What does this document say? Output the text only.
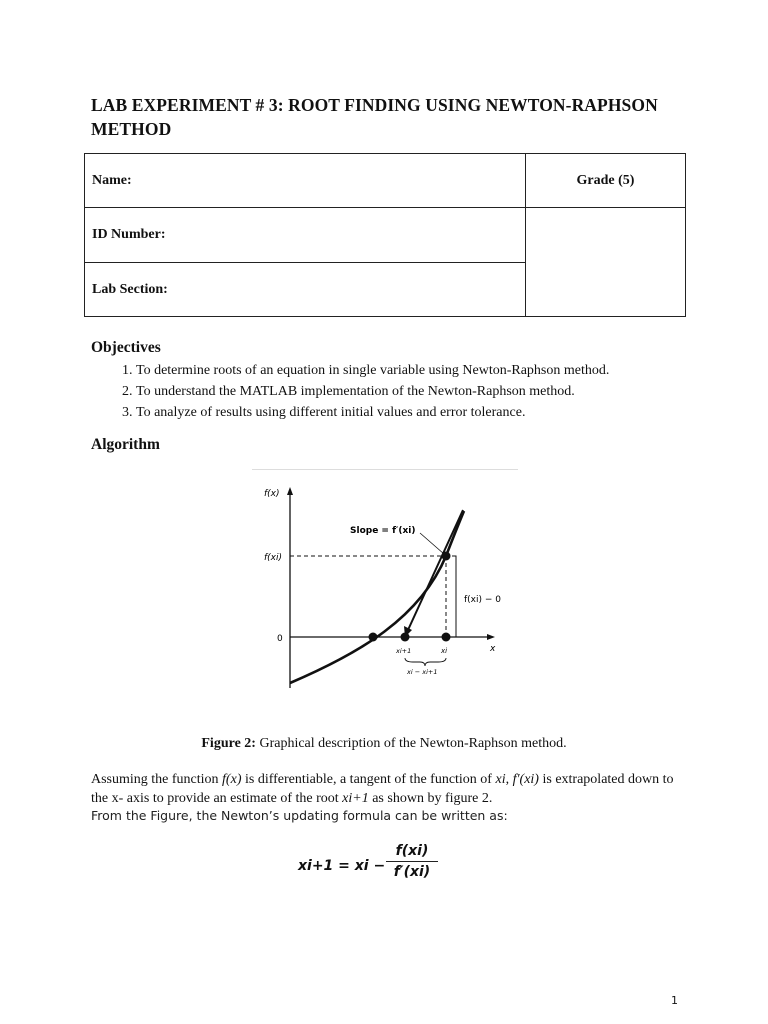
LAB EXPERIMENT # 3: ROOT FINDING USING NEWTON-RAPHSON METHOD
Name:	Grade (5)
ID Number:	
Lab Section:	
Objectives
1. To determine roots of an equation in single variable using Newton-Raphson method.
2. To understand the MATLAB implementation of the Newton-Raphson method.
3. To analyze of results using different initial values and error tolerance.
Algorithm
f(x)
f(xi)
0
x
Slope = f′(xi)
f(xi) − 0
xi+1	xi
xi − xi+1
Figure 2: Graphical description of the Newton-Raphson method.
Assuming the function f(x) is differentiable, a tangent of the function of xi, f′(xi) is extrapolated down to the x- axis to provide an estimate of the root xi+1 as shown by figure 2.
From the Figure, the Newton’s updating formula can be written as:
xi+1 = xi −
f(xi)
f′(xi)
1
